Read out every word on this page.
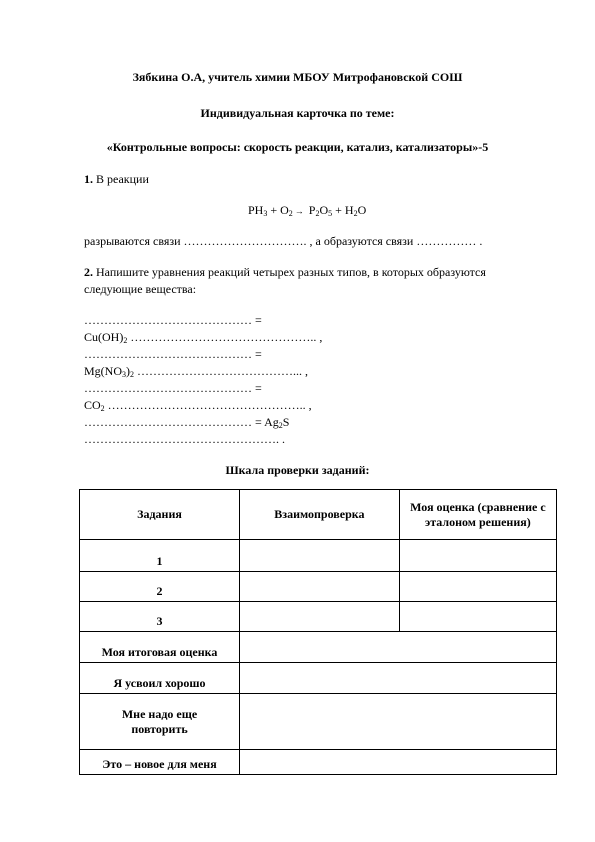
Зябкина О.А, учитель химии МБОУ Митрофановской СОШ
Индивидуальная карточка по теме:
«Контрольные вопросы: скорость реакции, катализ, катализаторы»-5
1. В реакции
$PH_3 + O_2 \to P_2O_5 + H_2O$
разрываются связи …………………………. , а образуются связи …………… .
2. Напишите уравнения реакций четырех разных типов, в которых образуются
следующие вещества:
…………………………………… =
$Cu(OH)_2$ ……………………………………….. ,
…………………………………… =
$Mg(NO_3)_2$ …………………………………... ,
…………………………………… =
$CO_2$ ………………………………………….. ,
…………………………………… = $Ag_2S$
…………………………………………. .
Шкала проверки заданий:
Задания	Взаимопроверка	Моя оценка (сравнение с эталоном решения)
1		
2		
3		
Моя итоговая оценка		
Я усвоил хорошо		
Мне надо еще повторить		
Это – новое для меня		
